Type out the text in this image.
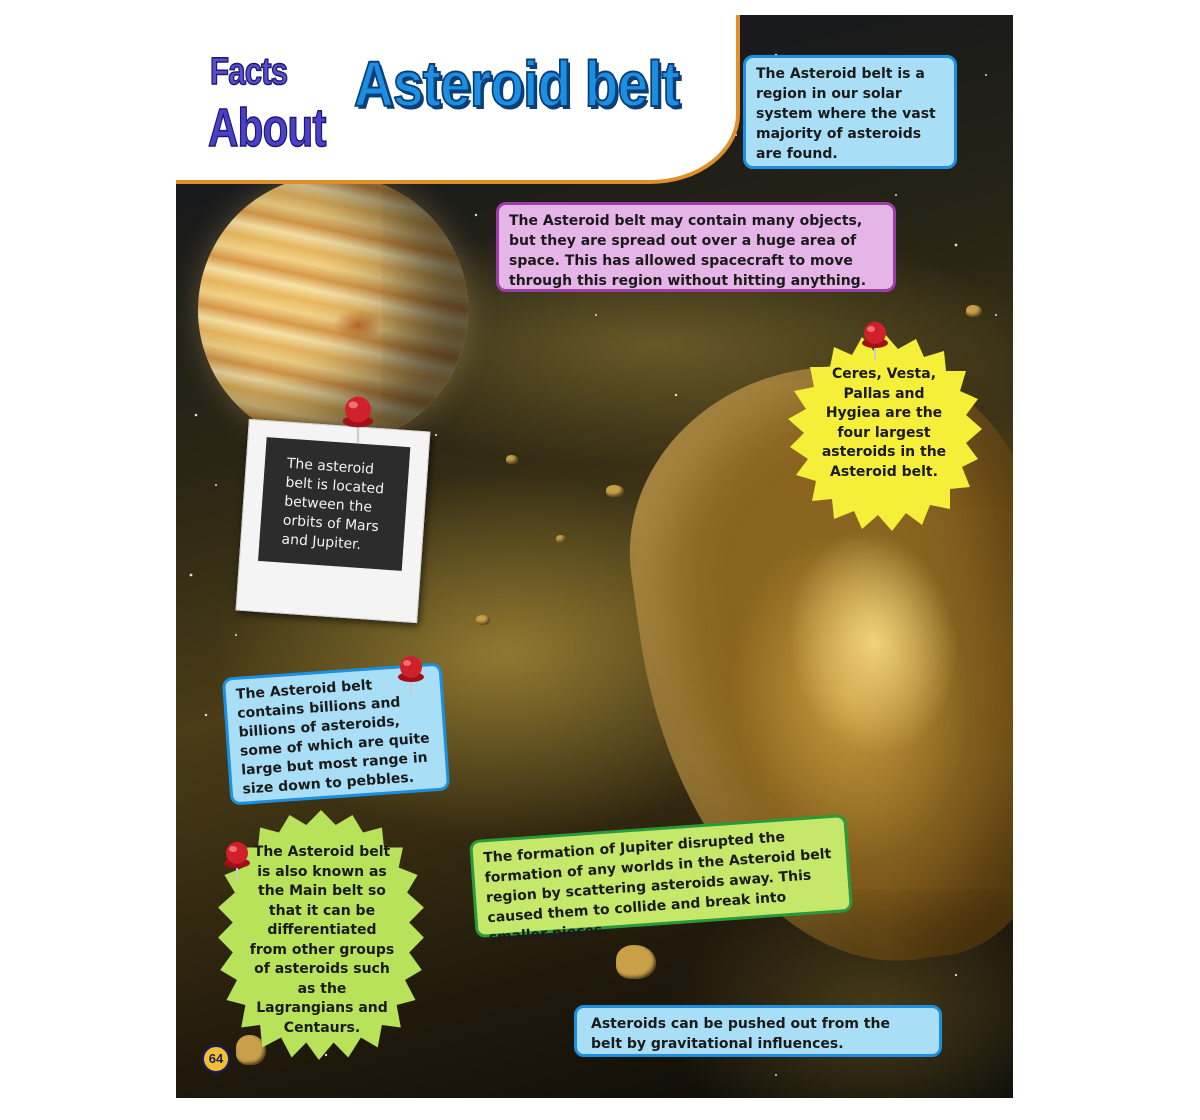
Facts
About
Asteroid belt	The Asteroid belt is a region in our solar system where the vast majority of asteroids are found.
The Asteroid belt may contain many objects, but they are spread out over a huge area of space. This has allowed spacecraft to move through this region without hitting anything.
Ceres, Vesta, Pallas and Hygiea are the four largest asteroids in the Asteroid belt.
The asteroid belt is located between the orbits of Mars and Jupiter.
The Asteroid belt contains billions and billions of asteroids, some of which are quite large but most range in size down to pebbles.
The Asteroid belt is also known as the Main belt so that it can be differentiated from other groups of asteroids such as the Lagrangians and Centaurs.
The formation of Jupiter disrupted the formation of any worlds in the Asteroid belt region by scattering asteroids away. This caused them to collide and break into smaller pieces.
Asteroids can be pushed out from the belt by gravitational influences.
64
